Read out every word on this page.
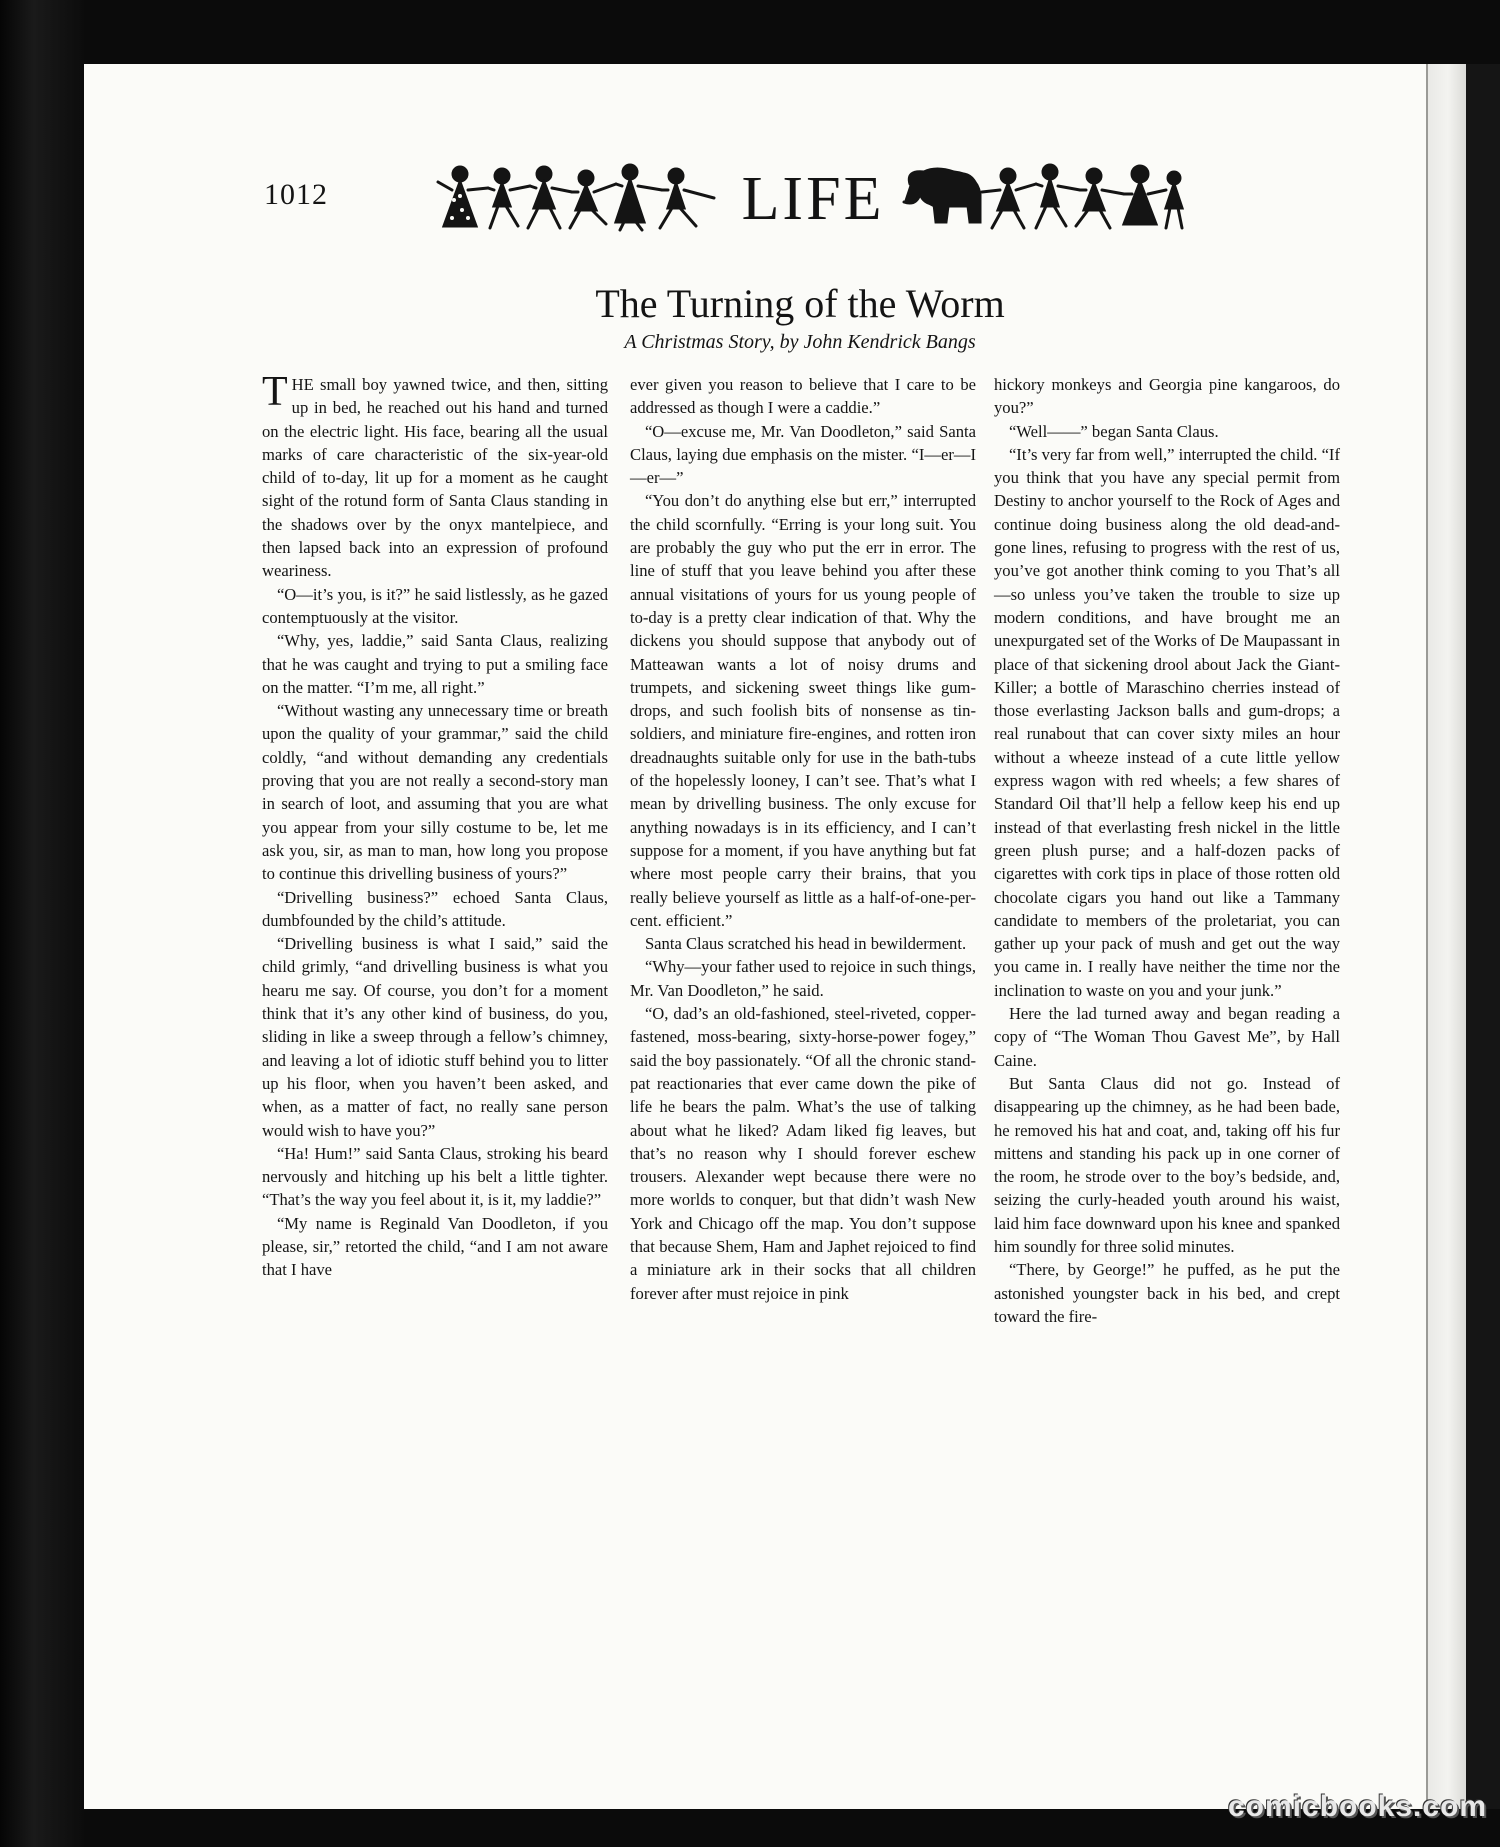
1012	LIFE
The Turning of the Worm
A Christmas Story, by John Kendrick Bangs

THE small boy yawned twice, and then, sitting up in bed, he reached out his hand and turned on the electric light. His face, bearing all the usual marks of care characteristic of the six-year-old child of to-day, lit up for a moment as he caught sight of the rotund form of Santa Claus standing in the shadows over by the onyx mantelpiece, and then lapsed back into an expression of profound weariness.

“O—it’s you, is it?” he said listlessly, as he gazed contemptuously at the visitor.

“Why, yes, laddie,” said Santa Claus, realizing that he was caught and trying to put a smiling face on the matter. “I’m me, all right.”

“Without wasting any unnecessary time or breath upon the quality of your grammar,” said the child coldly, “and without demanding any credentials proving that you are not really a second-story man in search of loot, and assuming that you are what you appear from your silly costume to be, let me ask you, sir, as man to man, how long you propose to continue this drivelling business of yours?”

“Drivelling business?” echoed Santa Claus, dumbfounded by the child’s attitude.

“Drivelling business is what I said,” said the child grimly, “and drivelling business is what you hearu me say. Of course, you don’t for a moment think that it’s any other kind of business, do you, sliding in like a sweep through a fellow’s chimney, and leaving a lot of idiotic stuff behind you to litter up his floor, when you haven’t been asked, and when, as a matter of fact, no really sane person would wish to have you?”

“Ha! Hum!” said Santa Claus, stroking his beard nervously and hitching up his belt a little tighter. “That’s the way you feel about it, is it, my laddie?”

“My name is Reginald Van Doodleton, if you please, sir,” retorted the child, “and I am not aware that I have

ever given you reason to believe that I care to be addressed as though I were a caddie.”

“O—excuse me, Mr. Van Doodleton,” said Santa Claus, laying due emphasis on the mister. “I—er—I—er—”

“You don’t do anything else but err,” interrupted the child scornfully. “Erring is your long suit. You are probably the guy who put the err in error. The line of stuff that you leave behind you after these annual visitations of yours for us young people of to-day is a pretty clear indication of that. Why the dickens you should suppose that anybody out of Matteawan wants a lot of noisy drums and trumpets, and sickening sweet things like gum-drops, and such foolish bits of nonsense as tin-soldiers, and miniature fire-engines, and rotten iron dreadnaughts suitable only for use in the bath-tubs of the hopelessly looney, I can’t see. That’s what I mean by drivelling business. The only excuse for anything nowadays is in its efficiency, and I can’t suppose for a moment, if you have anything but fat where most people carry their brains, that you really believe yourself as little as a half-of-one-per-cent. efficient.”

Santa Claus scratched his head in bewilderment.

“Why—your father used to rejoice in such things, Mr. Van Doodleton,” he said.

“O, dad’s an old-fashioned, steel-riveted, copper-fastened, moss-bearing, sixty-horse-power fogey,” said the boy passionately. “Of all the chronic stand-pat reactionaries that ever came down the pike of life he bears the palm. What’s the use of talking about what he liked? Adam liked fig leaves, but that’s no reason why I should forever eschew trousers. Alexander wept because there were no more worlds to conquer, but that didn’t wash New York and Chicago off the map. You don’t suppose that because Shem, Ham and Japhet rejoiced to find a miniature ark in their socks that all children forever after must rejoice in pink

hickory monkeys and Georgia pine kangaroos, do you?”

“Well——” began Santa Claus.

“It’s very far from well,” interrupted the child. “If you think that you have any special permit from Destiny to anchor yourself to the Rock of Ages and continue doing business along the old dead-and-gone lines, refusing to progress with the rest of us, you’ve got another think coming to you That’s all—so unless you’ve taken the trouble to size up modern conditions, and have brought me an unexpurgated set of the Works of De Maupassant in place of that sickening drool about Jack the Giant-Killer; a bottle of Maraschino cherries instead of those everlasting Jackson balls and gum-drops; a real runabout that can cover sixty miles an hour without a wheeze instead of a cute little yellow express wagon with red wheels; a few shares of Standard Oil that’ll help a fellow keep his end up instead of that everlasting fresh nickel in the little green plush purse; and a half-dozen packs of cigarettes with cork tips in place of those rotten old chocolate cigars you hand out like a Tammany candidate to members of the proletariat, you can gather up your pack of mush and get out the way you came in. I really have neither the time nor the inclination to waste on you and your junk.”

Here the lad turned away and began reading a copy of “The Woman Thou Gavest Me”, by Hall Caine.

But Santa Claus did not go. Instead of disappearing up the chimney, as he had been bade, he removed his hat and coat, and, taking off his fur mittens and standing his pack up in one corner of the room, he strode over to the boy’s bedside, and, seizing the curly-headed youth around his waist, laid him face downward upon his knee and spanked him soundly for three solid minutes.

“There, by George!” he puffed, as he put the astonished youngster back in his bed, and crept toward the fire-

comicbooks.com
